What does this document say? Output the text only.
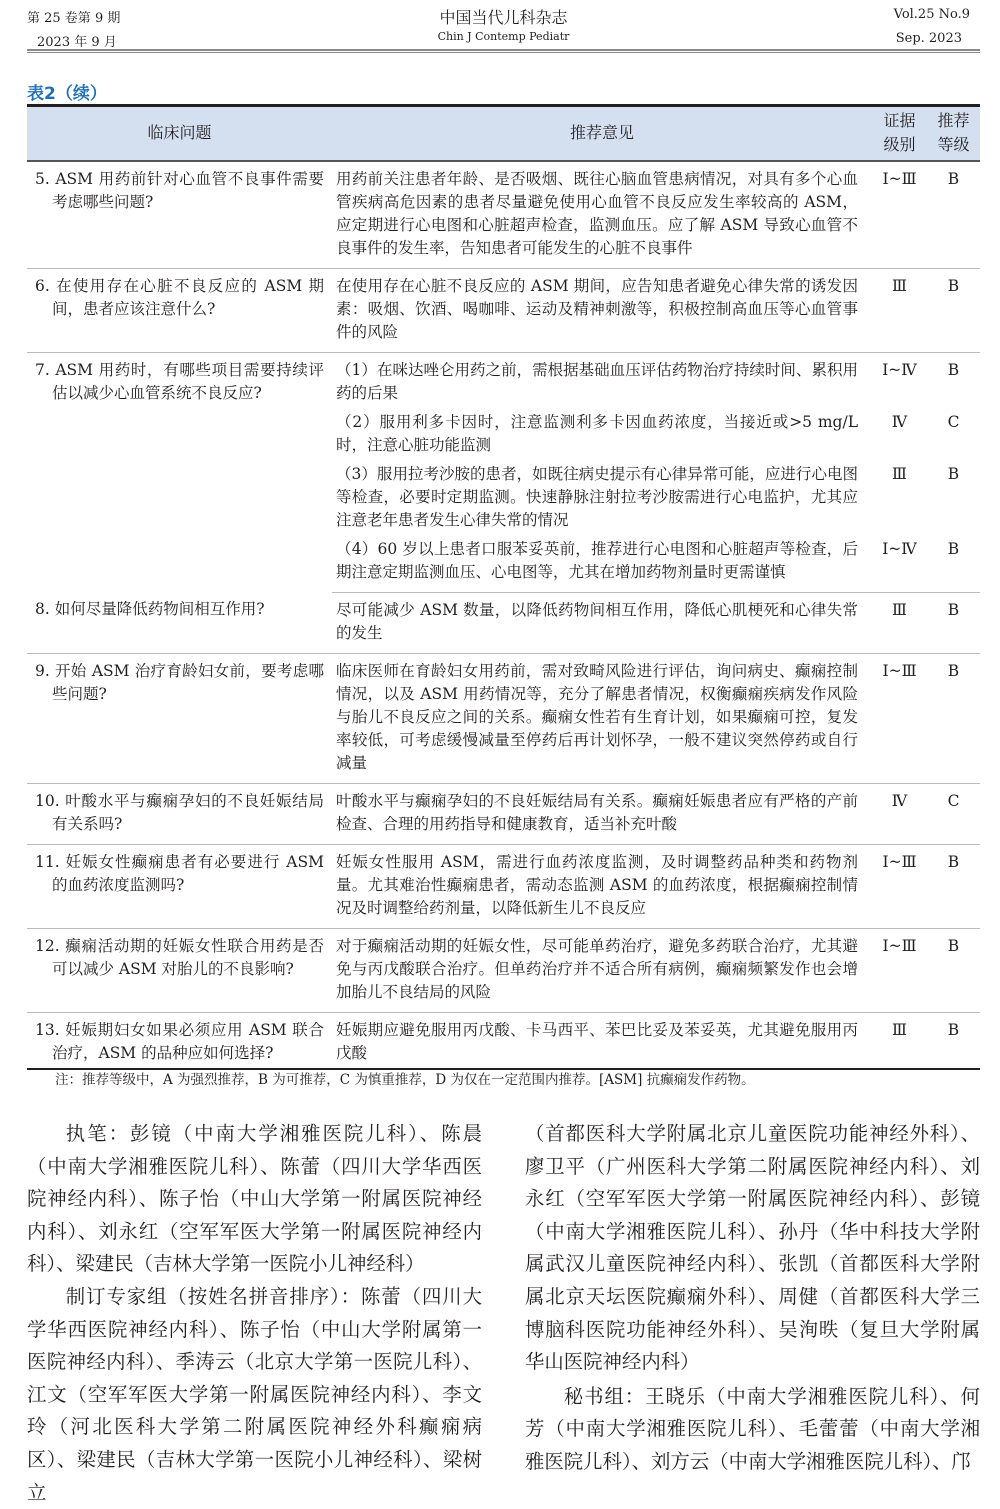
第 25 卷第 9 期
2023 年 9 月
中国当代儿科杂志
Chin J Contemp Pediatr
Vol.25 No.9
Sep. 2023
表2（续）
临床问题	推荐意见	证据级别	推荐等级
5. ASM 用药前针对心血管不良事件需要考虑哪些问题?	用药前关注患者年龄、是否吸烟、既往心脑血管患病情况，对具有多个心血管疾病高危因素的患者尽量避免使用心血管不良反应发生率较高的 ASM，应定期进行心电图和心脏超声检查，监测血压。应了解 ASM 导致心血管不良事件的发生率，告知患者可能发生的心脏不良事件	Ⅰ~Ⅲ	B
6. 在使用存在心脏不良反应的 ASM 期间，患者应该注意什么?	在使用存在心脏不良反应的 ASM 期间，应告知患者避免心律失常的诱发因素：吸烟、饮酒、喝咖啡、运动及精神刺激等，积极控制高血压等心血管事件的风险	Ⅲ	B
7. ASM 用药时，有哪些项目需要持续评估以减少心血管系统不良反应?	（1）在咪达唑仑用药之前，需根据基础血压评估药物治疗持续时间、累积用药的后果	Ⅰ~Ⅳ	B
	（2）服用利多卡因时，注意监测利多卡因血药浓度，当接近或>5 mg/L时，注意心脏功能监测	Ⅳ	C
	（3）服用拉考沙胺的患者，如既往病史提示有心律异常可能，应进行心电图等检查，必要时定期监测。快速静脉注射拉考沙胺需进行心电监护，尤其应注意老年患者发生心律失常的情况	Ⅲ	B
	（4）60 岁以上患者口服苯妥英前，推荐进行心电图和心脏超声等检查，后期注意定期监测血压、心电图等，尤其在增加药物剂量时更需谨慎	Ⅰ~Ⅳ	B
8. 如何尽量降低药物间相互作用?	尽可能减少 ASM 数量，以降低药物间相互作用，降低心肌梗死和心律失常的发生	Ⅲ	B
9. 开始 ASM 治疗育龄妇女前，要考虑哪些问题?	临床医师在育龄妇女用药前，需对致畸风险进行评估，询问病史、癫痫控制情况，以及 ASM 用药情况等，充分了解患者情况，权衡癫痫疾病发作风险与胎儿不良反应之间的关系。癫痫女性若有生育计划，如果癫痫可控，复发率较低，可考虑缓慢减量至停药后再计划怀孕，一般不建议突然停药或自行减量	Ⅰ~Ⅲ	B
10. 叶酸水平与癫痫孕妇的不良妊娠结局有关系吗?	叶酸水平与癫痫孕妇的不良妊娠结局有关系。癫痫妊娠患者应有严格的产前检查、合理的用药指导和健康教育，适当补充叶酸	Ⅳ	C
11. 妊娠女性癫痫患者有必要进行 ASM 的血药浓度监测吗?	妊娠女性服用 ASM，需进行血药浓度监测，及时调整药品种类和药物剂量。尤其难治性癫痫患者，需动态监测 ASM 的血药浓度，根据癫痫控制情况及时调整给药剂量，以降低新生儿不良反应	Ⅰ~Ⅲ	B
12. 癫痫活动期的妊娠女性联合用药是否可以减少 ASM 对胎儿的不良影响?	对于癫痫活动期的妊娠女性，尽可能单药治疗，避免多药联合治疗，尤其避免与丙戊酸联合治疗。但单药治疗并不适合所有病例，癫痫频繁发作也会增加胎儿不良结局的风险	Ⅰ~Ⅲ	B
13. 妊娠期妇女如果必须应用 ASM 联合治疗，ASM 的品种应如何选择?	妊娠期应避免服用丙戊酸、卡马西平、苯巴比妥及苯妥英，尤其避免服用丙戊酸	Ⅲ	B
注：推荐等级中，A 为强烈推荐，B 为可推荐，C 为慎重推荐，D 为仅在一定范围内推荐。[ASM] 抗癫痫发作药物。

执笔：彭镜（中南大学湘雅医院儿科）、陈晨（中南大学湘雅医院儿科）、陈蕾（四川大学华西医院神经内科）、陈子怡（中山大学第一附属医院神经内科）、刘永红（空军军医大学第一附属医院神经内科）、梁建民（吉林大学第一医院小儿神经科）

制订专家组（按姓名拼音排序）：陈蕾（四川大学华西医院神经内科）、陈子怡（中山大学附属第一医院神经内科）、季涛云（北京大学第一医院儿科）、江文（空军军医大学第一附属医院神经内科）、李文玲（河北医科大学第二附属医院神经外科癫痫病区）、梁建民（吉林大学第一医院小儿神经科）、梁树立

（首都医科大学附属北京儿童医院功能神经外科）、廖卫平（广州医科大学第二附属医院神经内科）、刘永红（空军军医大学第一附属医院神经内科）、彭镜（中南大学湘雅医院儿科）、孙丹（华中科技大学附属武汉儿童医院神经内科）、张凯（首都医科大学附属北京天坛医院癫痫外科）、周健（首都医科大学三博脑科医院功能神经外科）、吴洵昳（复旦大学附属华山医院神经内科）

秘书组：王晓乐（中南大学湘雅医院儿科）、何芳（中南大学湘雅医院儿科）、毛蕾蕾（中南大学湘雅医院儿科）、刘方云（中南大学湘雅医院儿科）、邝
